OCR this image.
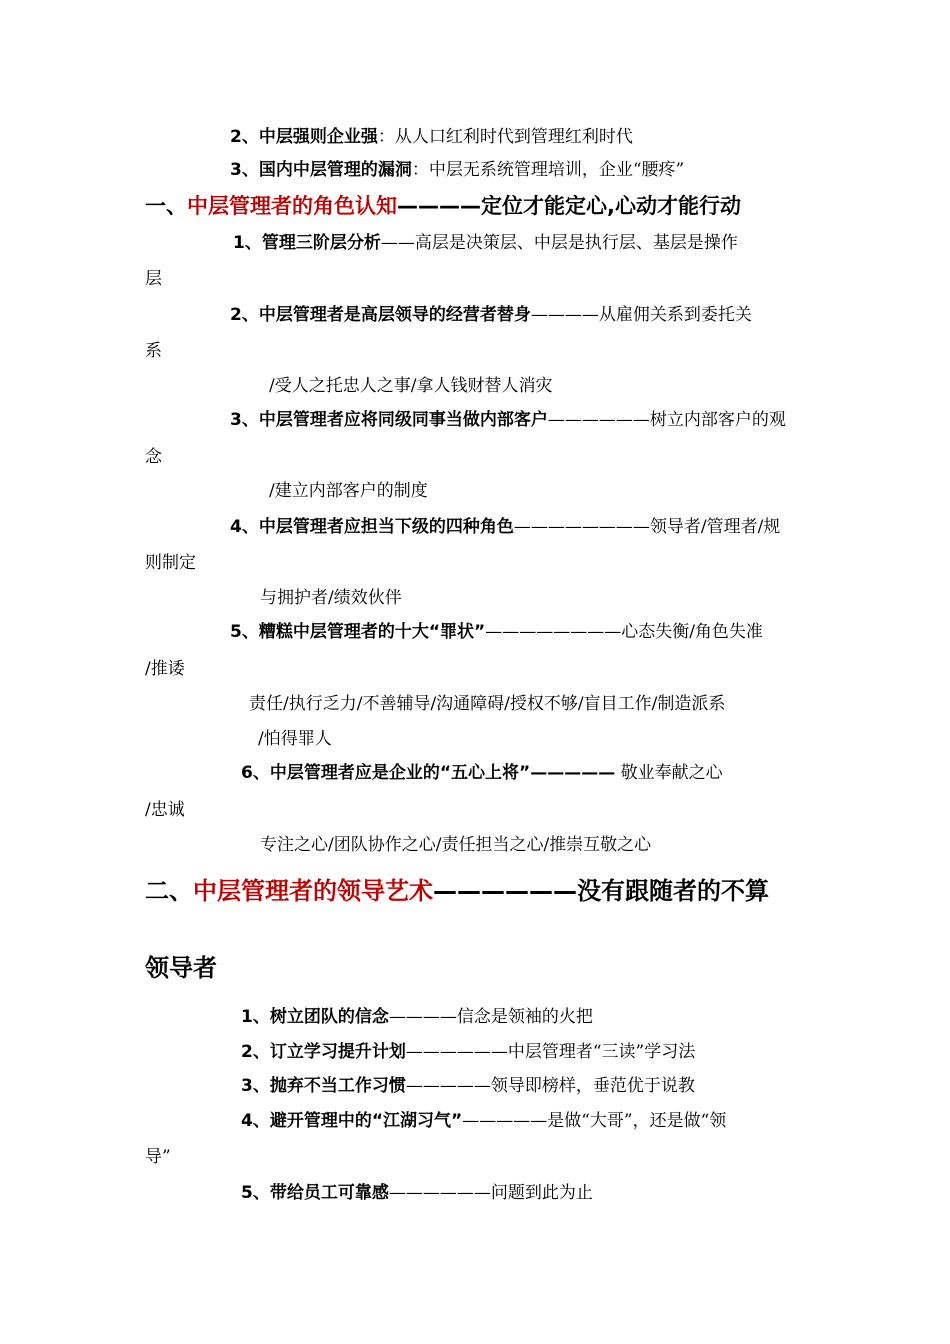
2、中层强则企业强：从人口红利时代到管理红利时代
3、国内中层管理的漏洞：中层无系统管理培训，企业“腰疼”
一、中层管理者的角色认知————定位才能定心,心动才能行动
1、管理三阶层分析——高层是决策层、中层是执行层、基层是操作
层
2、中层管理者是高层领导的经营者替身————从雇佣关系到委托关
系
/受人之托忠人之事/拿人钱财替人消灾
3、中层管理者应将同级同事当做内部客户——————树立内部客户的观
念
/建立内部客户的制度
4、中层管理者应担当下级的四种角色————————领导者/管理者/规
则制定
与拥护者/绩效伙伴
5、糟糕中层管理者的十大“罪状”————————心态失衡/角色失准
/推诿
责任/执行乏力/不善辅导/沟通障碍/授权不够/盲目工作/制造派系
/怕得罪人
6、中层管理者应是企业的“五心上将”————— 敬业奉献之心
/忠诚
专注之心/团队协作之心/责任担当之心/推崇互敬之心
二、中层管理者的领导艺术——————没有跟随者的不算
领导者
1、树立团队的信念————信念是领袖的火把
2、订立学习提升计划——————中层管理者“三读”学习法
3、抛弃不当工作习惯—————领导即榜样，垂范优于说教
4、避开管理中的“江湖习气”—————是做“大哥”，还是做“领
导”
5、带给员工可靠感——————问题到此为止
